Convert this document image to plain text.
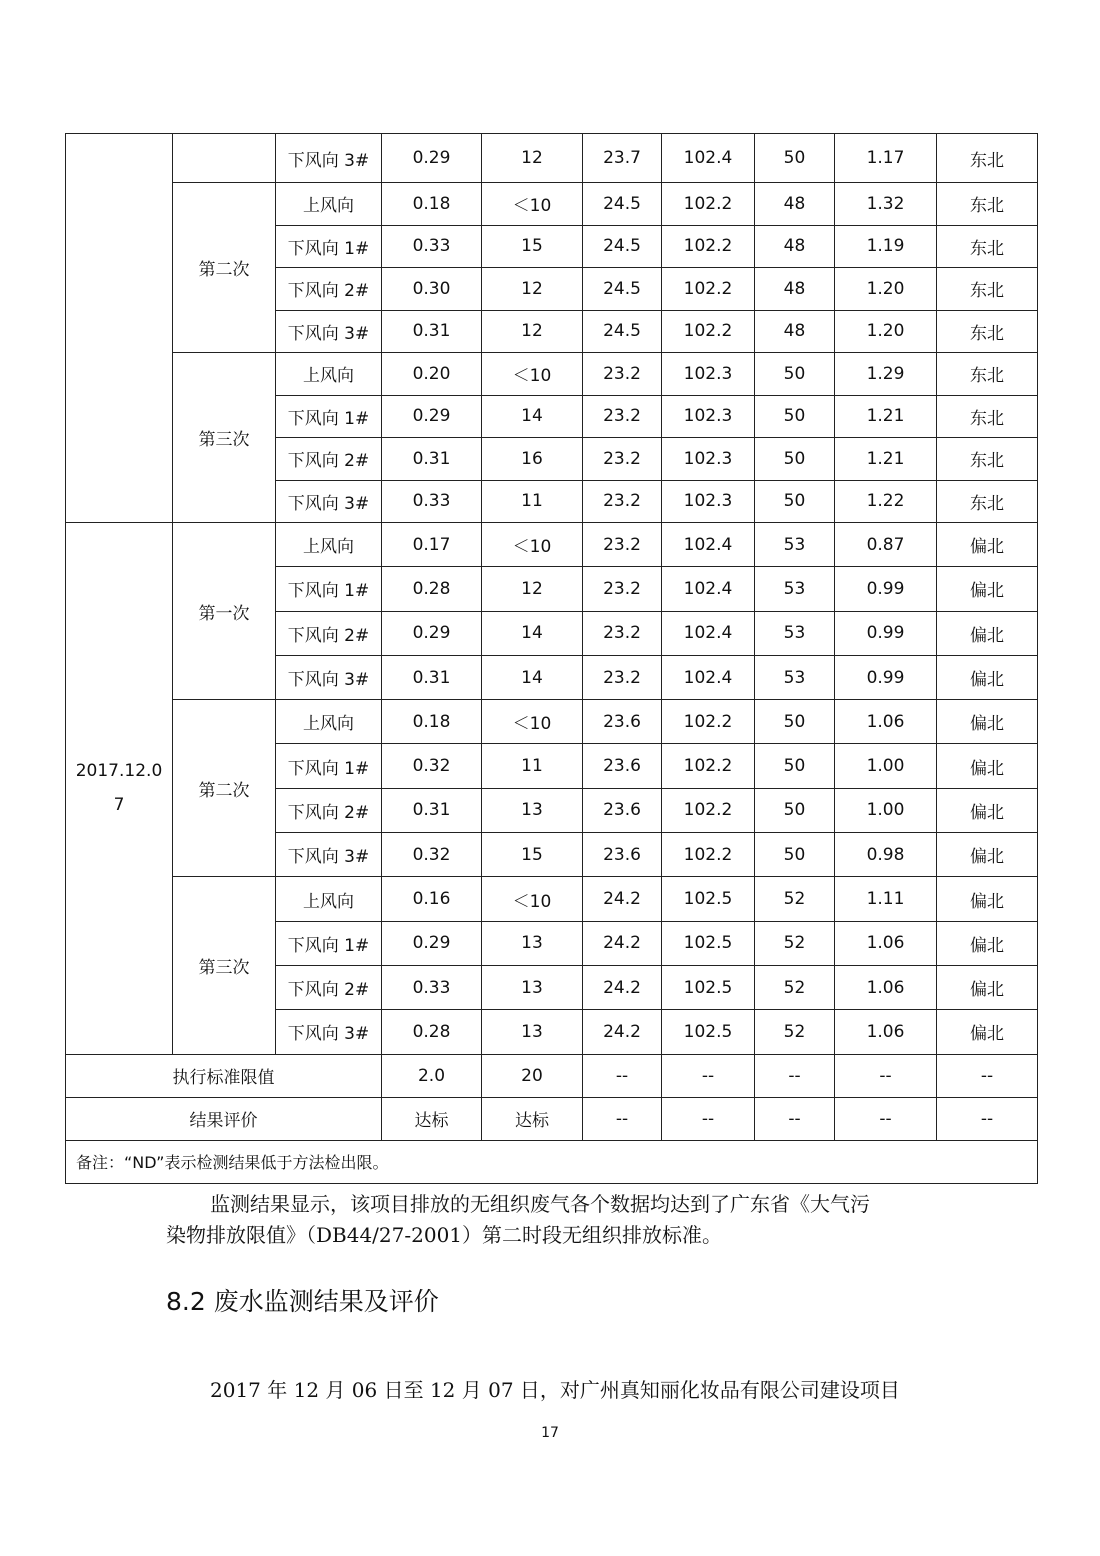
		下风向 3#	0.29	12	23.7	102.4	50	1.17	东北
	第二次	上风向	0.18	＜10	24.5	102.2	48	1.32	东北
		下风向 1#	0.33	15	24.5	102.2	48	1.19	东北
		下风向 2#	0.30	12	24.5	102.2	48	1.20	东北
		下风向 3#	0.31	12	24.5	102.2	48	1.20	东北
	第三次	上风向	0.20	＜10	23.2	102.3	50	1.29	东北
		下风向 1#	0.29	14	23.2	102.3	50	1.21	东北
		下风向 2#	0.31	16	23.2	102.3	50	1.21	东北
		下风向 3#	0.33	11	23.2	102.3	50	1.22	东北
2017.12.0
7	第一次	上风向	0.17	＜10	23.2	102.4	53	0.87	偏北
		下风向 1#	0.28	12	23.2	102.4	53	0.99	偏北
		下风向 2#	0.29	14	23.2	102.4	53	0.99	偏北
		下风向 3#	0.31	14	23.2	102.4	53	0.99	偏北
	第二次	上风向	0.18	＜10	23.6	102.2	50	1.06	偏北
		下风向 1#	0.32	11	23.6	102.2	50	1.00	偏北
		下风向 2#	0.31	13	23.6	102.2	50	1.00	偏北
		下风向 3#	0.32	15	23.6	102.2	50	0.98	偏北
	第三次	上风向	0.16	＜10	24.2	102.5	52	1.11	偏北
		下风向 1#	0.29	13	24.2	102.5	52	1.06	偏北
		下风向 2#	0.33	13	24.2	102.5	52	1.06	偏北
		下风向 3#	0.28	13	24.2	102.5	52	1.06	偏北
执行标准限值			2.0	20	--	--	--	--	--
结果评价			达标	达标	--	--	--	--	--
备注：“ND”表示检测结果低于方法检出限。									
监测结果显示，该项目排放的无组织废气各个数据均达到了广东省《大气污
染物排放限值》（DB44/27-2001）第二时段无组织排放标准。
8.2 废水监测结果及评价
2017 年 12 月 06 日至 12 月 07 日，对广州真知丽化妆品有限公司建设项目
17
